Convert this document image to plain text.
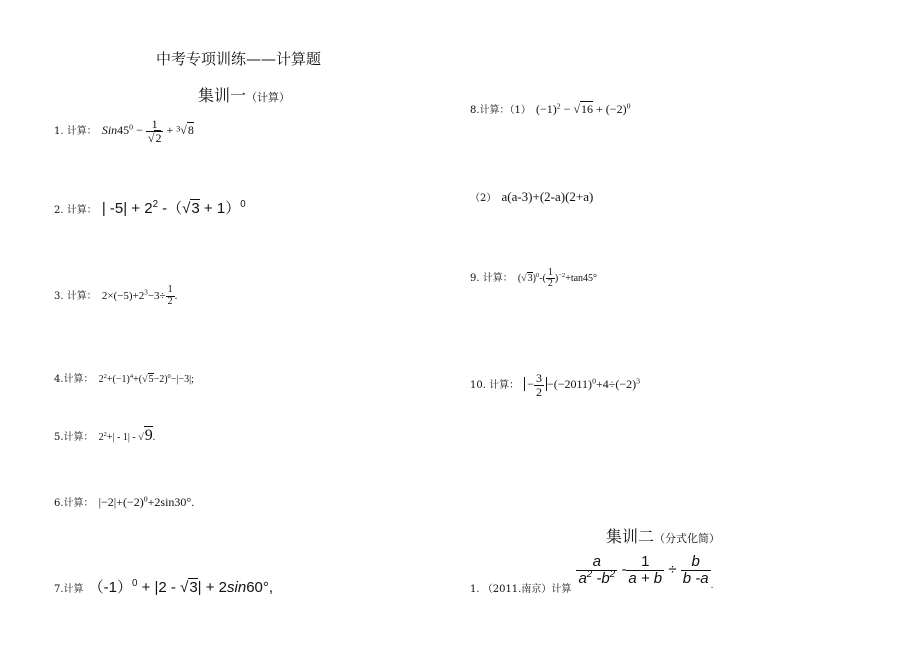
中考专项训练——计算题
集训一（计算）
集训二（分式化简）
1. 计算： $Sin45^0 - \frac{1}{√2} + ^3√8$
2. 计算： | $-5| + 2^2$ $-(√3 + 1)^0$
3. 计算： $2\times(-5)+2^3-3\div \frac{1}{2}$ .
4.计算： $2^2+(-1)^4+(√5-2)^0-|-3|$;
5.计算： $2^2+| - 1| - √9$.
6.计算： $|-2|+(-2)^0+2\sin 30^\circ$.
7.计算 $(-1)^0 + |2 - √3| + 2\sin 60^\circ$,
8.计算：（1） $(-1)^2 - √16 + (-2)^0$
（2） a(a-3)+(2-a)(2+a)
9. 计算： $(√3)^0-( \frac{1}{2} )^{-2}+\tan 45^\circ$
10. 计算： − $\frac{3}{2} -(-2011)^0+4\div(-2)^3$
$_{1. (2011.南京)计算}$
$\frac{a}{a^2 -b^2} - \frac{1}{a + b} \div \frac{b}{b -a} _.$
